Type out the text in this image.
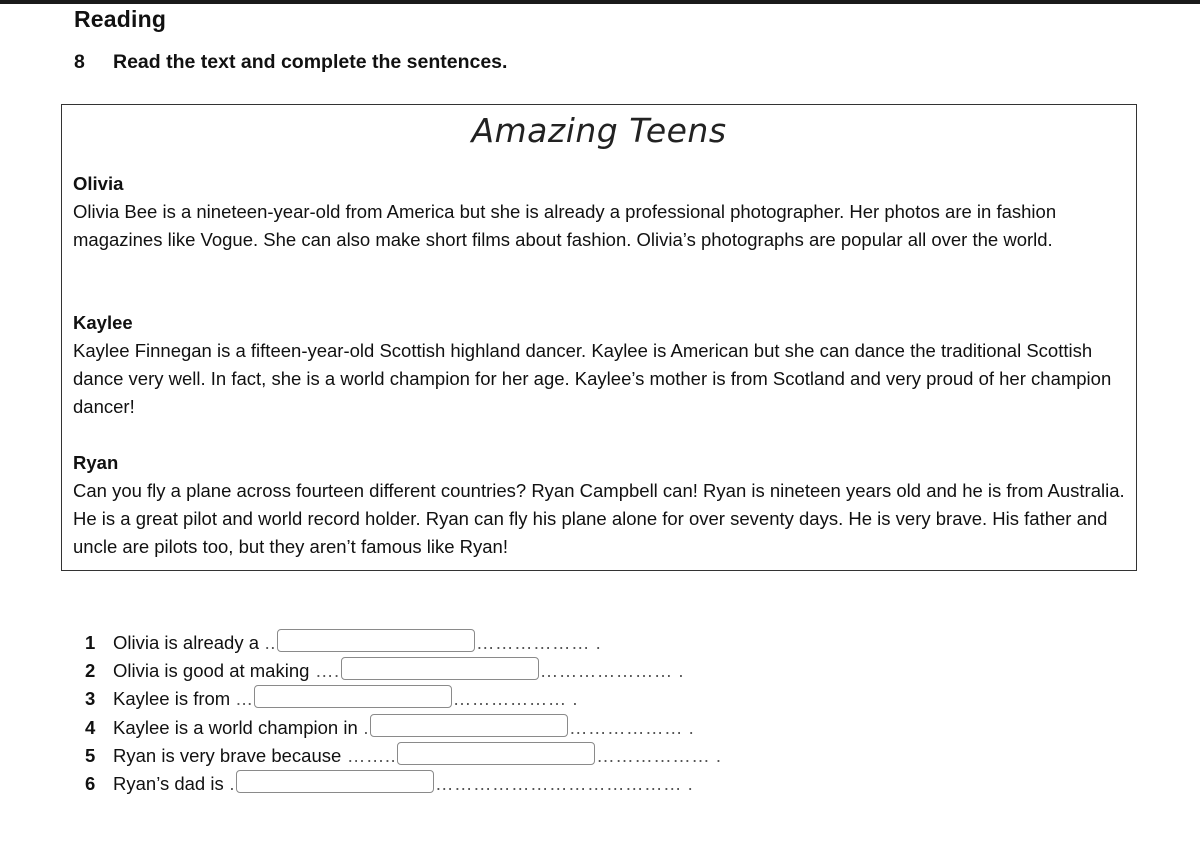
Reading
8 Read the text and complete the sentences.
Amazing Teens
Olivia
Olivia Bee is a nineteen-year-old from America but she is already a professional photographer. Her photos are in fashion magazines like Vogue. She can also make short films about fashion. Olivia’s photographs are popular all over the world.
Kaylee
Kaylee Finnegan is a fifteen-year-old Scottish highland dancer. Kaylee is American but she can dance the traditional Scottish dance very well. In fact, she is a world champion for her age. Kaylee’s mother is from Scotland and very proud of her champion dancer!
Ryan
Can you fly a plane across fourteen different countries? Ryan Campbell can! Ryan is nineteen years old and he is from Australia. He is a great pilot and world record holder. Ryan can fly his plane alone for over seventy days. He is very brave. His father and uncle are pilots too, but they aren’t famous like Ryan!
1 Olivia is already a ..	……………… .
2 Olivia is good at making ….	………………… .
3 Kaylee is from ...	……………… .
4 Kaylee is a world champion in .	……………… .
5 Ryan is very brave because ……..	……………… .
6 Ryan’s dad is .	………………………………… .
